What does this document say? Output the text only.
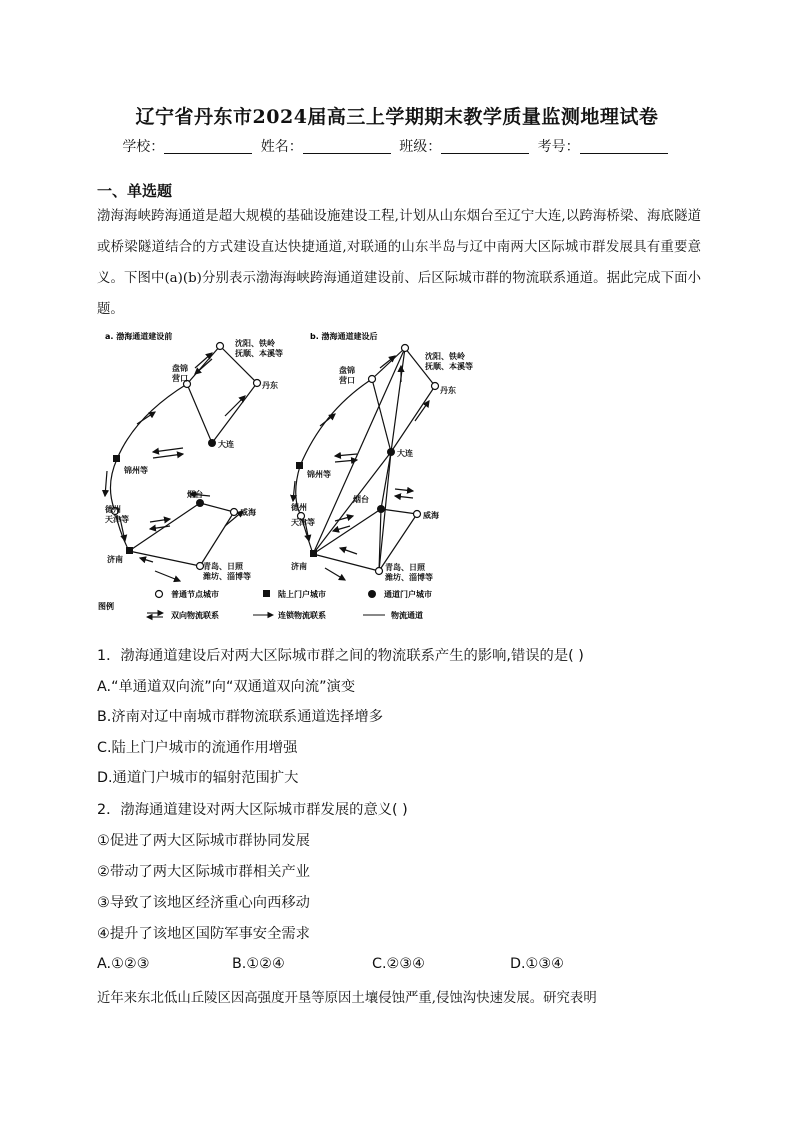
辽宁省丹东市2024届高三上学期期末教学质量监测地理试卷
学校：	姓名：	班级：	考号：
一、单选题
渤海海峡跨海通道是超大规模的基础设施建设工程,计划从山东烟台至辽宁大连,以跨海桥梁、海底隧道或桥梁隧道结合的方式建设直达快捷通道,对联通的山东半岛与辽中南两大区际城市群发展具有重要意义。下图中(a)(b)分别表示渤海海峡跨海通道建设前、后区际城市群的物流联系通道。据此完成下面小题。
a. 渤海通道建设前	b. 渤海通道建设后
沈阳、铁岭
抚顺、本溪等
盘锦
营口
丹东
大连
锦州等
德州
天津等
烟台
威海
济南
青岛、日照
潍坊、淄博等
沈阳、铁岭
抚顺、本溪等
盘锦
营口
丹东
大连
锦州等
德州
天津等
烟台
威海
济南	青岛、日照
潍坊、淄博等
普通节点城市	陆上门户城市	通道门户城市
图例
双向物流联系	连锁物流联系	物流通道
1．渤海通道建设后对两大区际城市群之间的物流联系产生的影响,错误的是( )
A.“单通道双向流”向“双通道双向流”演变
B.济南对辽中南城市群物流联系通道选择增多
C.陆上门户城市的流通作用增强
D.通道门户城市的辐射范围扩大
2．渤海通道建设对两大区际城市群发展的意义( )
①促进了两大区际城市群协同发展
②带动了两大区际城市群相关产业
③导致了该地区经济重心向西移动
④提升了该地区国防军事安全需求
A.①②③	B.①②④	C.②③④	D.①③④
近年来东北低山丘陵区因高强度开垦等原因土壤侵蚀严重,侵蚀沟快速发展。研究表明
